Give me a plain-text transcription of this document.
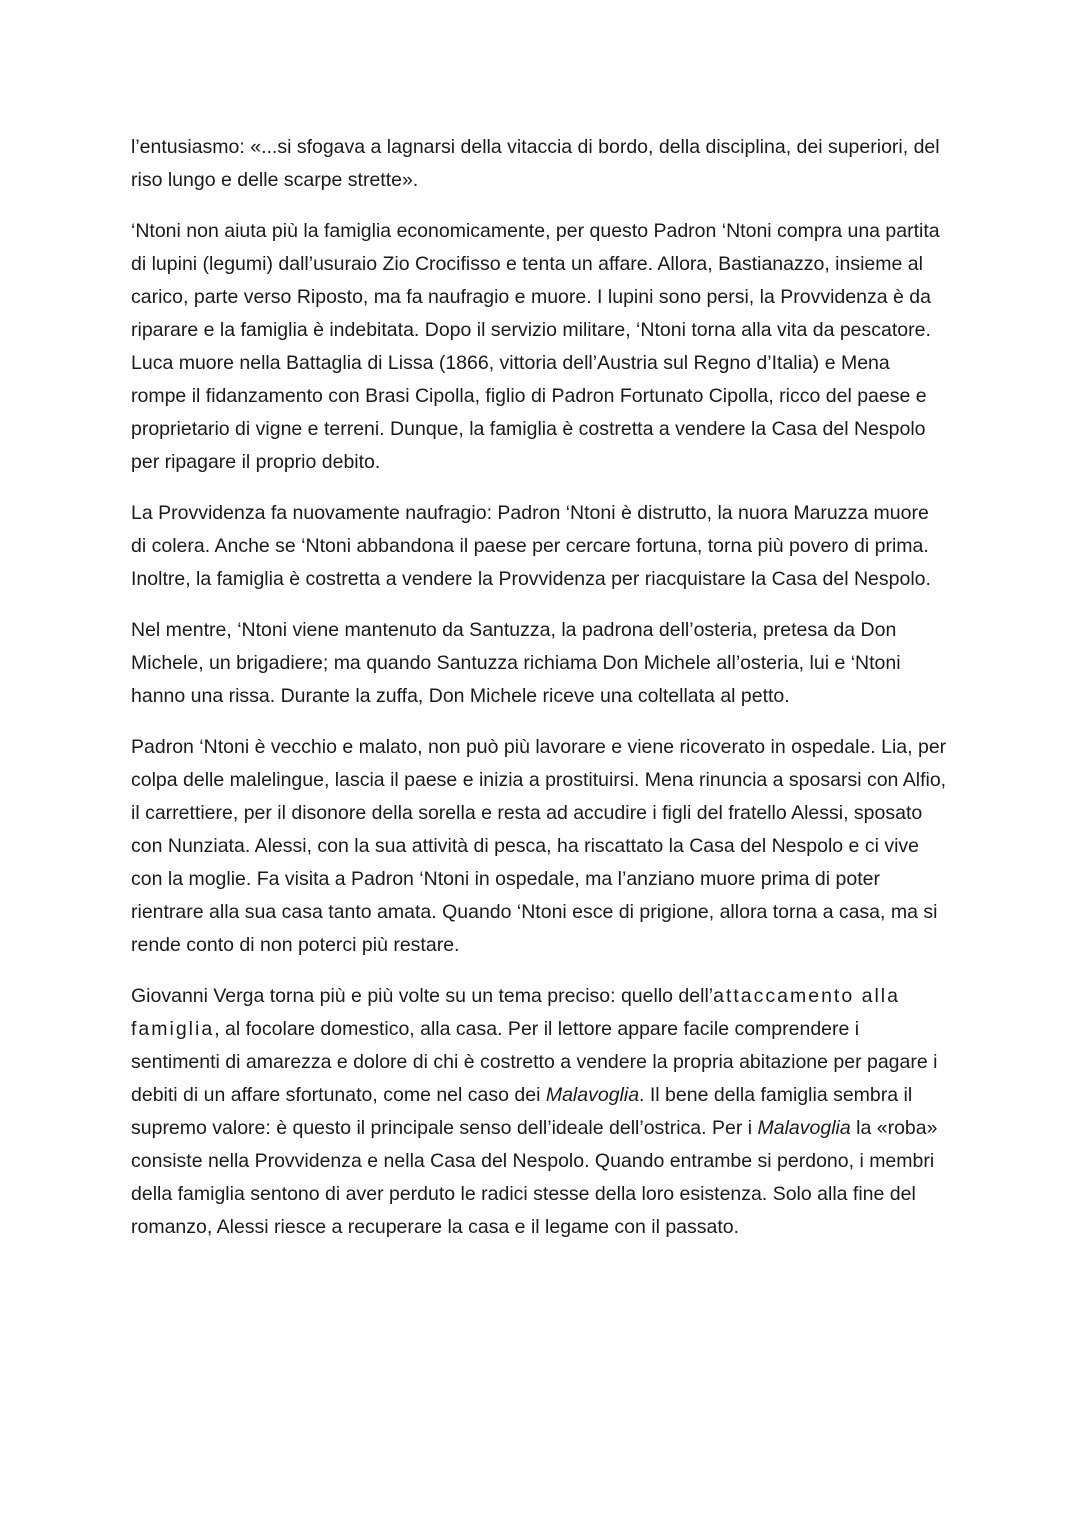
l’entusiasmo: «...si sfogava a lagnarsi della vitaccia di bordo, della disciplina, dei superiori, del riso lungo e delle scarpe strette».

‘Ntoni non aiuta più la famiglia economicamente, per questo Padron ‘Ntoni compra una partita di lupini (legumi) dall’usuraio Zio Crocifisso e tenta un affare. Allora, Bastianazzo, insieme al carico, parte verso Riposto, ma fa naufragio e muore. I lupini sono persi, la Provvidenza è da riparare e la famiglia è indebitata. Dopo il servizio militare, ‘Ntoni torna alla vita da pescatore. Luca muore nella Battaglia di Lissa (1866, vittoria dell’Austria sul Regno d’Italia) e Mena rompe il fidanzamento con Brasi Cipolla, figlio di Padron Fortunato Cipolla, ricco del paese e proprietario di vigne e terreni. Dunque, la famiglia è costretta a vendere la Casa del Nespolo per ripagare il proprio debito.

La Provvidenza fa nuovamente naufragio: Padron ‘Ntoni è distrutto, la nuora Maruzza muore di colera. Anche se ‘Ntoni abbandona il paese per cercare fortuna, torna più povero di prima. Inoltre, la famiglia è costretta a vendere la Provvidenza per riacquistare la Casa del Nespolo.

Nel mentre, ‘Ntoni viene mantenuto da Santuzza, la padrona dell’osteria, pretesa da Don Michele, un brigadiere; ma quando Santuzza richiama Don Michele all’osteria, lui e ‘Ntoni hanno una rissa. Durante la zuffa, Don Michele riceve una coltellata al petto.

Padron ‘Ntoni è vecchio e malato, non può più lavorare e viene ricoverato in ospedale. Lia, per colpa delle malelingue, lascia il paese e inizia a prostituirsi. Mena rinuncia a sposarsi con Alfio, il carrettiere, per il disonore della sorella e resta ad accudire i figli del fratello Alessi, sposato con Nunziata. Alessi, con la sua attività di pesca, ha riscattato la Casa del Nespolo e ci vive con la moglie. Fa visita a Padron ‘Ntoni in ospedale, ma l’anziano muore prima di poter rientrare alla sua casa tanto amata. Quando ‘Ntoni esce di prigione, allora torna a casa, ma si rende conto di non poterci più restare.

Giovanni Verga torna più e più volte su un tema preciso: quello dell’attaccamento alla famiglia, al focolare domestico, alla casa. Per il lettore appare facile comprendere i sentimenti di amarezza e dolore di chi è costretto a vendere la propria abitazione per pagare i debiti di un affare sfortunato, come nel caso dei Malavoglia. Il bene della famiglia sembra il supremo valore: è questo il principale senso dell’ideale dell’ostrica. Per i Malavoglia la «roba» consiste nella Provvidenza e nella Casa del Nespolo. Quando entrambe si perdono, i membri della famiglia sentono di aver perduto le radici stesse della loro esistenza. Solo alla fine del romanzo, Alessi riesce a recuperare la casa e il legame con il passato.
